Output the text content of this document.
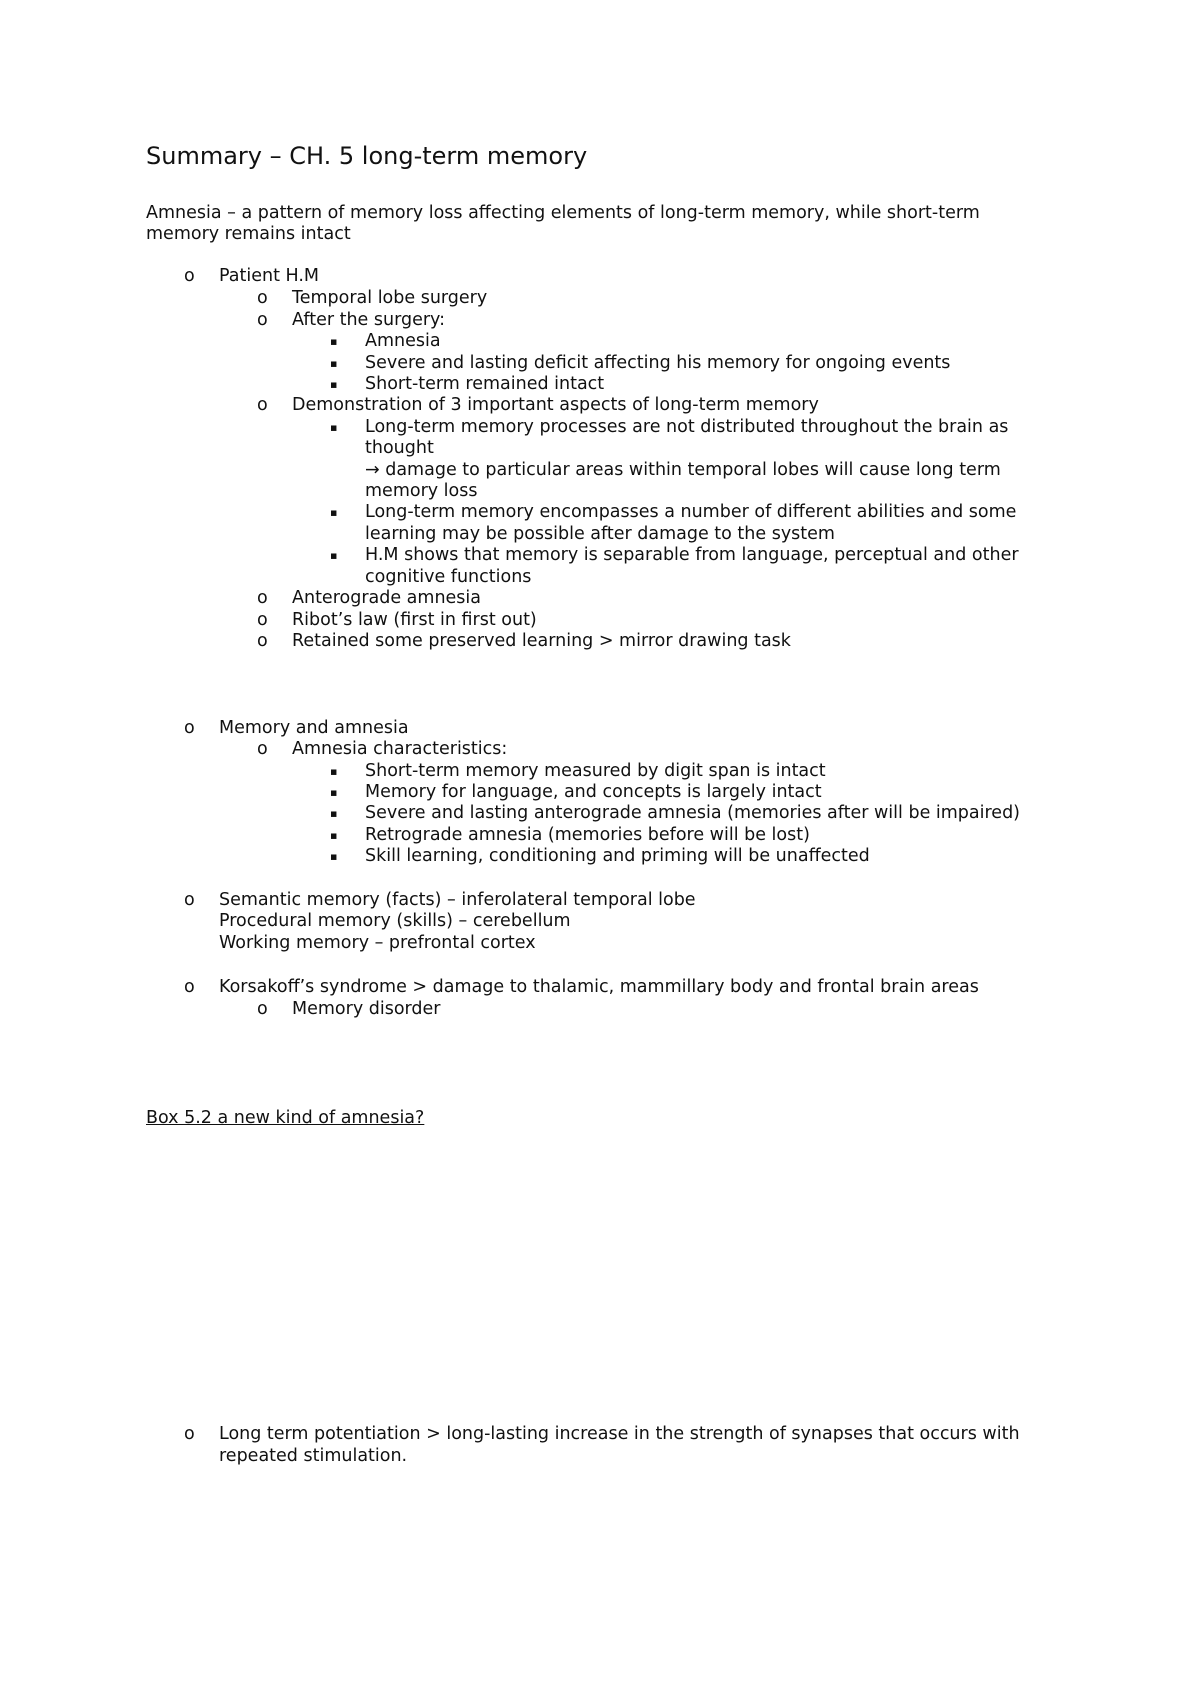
Summary – CH. 5 long-term memory

Amnesia – a pattern of memory loss affecting elements of long-term memory, while short-term memory remains intact

o Patient H.M
o Temporal lobe surgery
o After the surgery:
▪ Amnesia
▪ Severe and lasting deficit affecting his memory for ongoing events
▪ Short-term remained intact
o Demonstration of 3 important aspects of long-term memory
▪ Long-term memory processes are not distributed throughout the brain as
thought
→ damage to particular areas within temporal lobes will cause long term
memory loss
▪ Long-term memory encompasses a number of different abilities and some
learning may be possible after damage to the system
▪ H.M shows that memory is separable from language, perceptual and other
cognitive functions
o Anterograde amnesia
o Ribot’s law (first in first out)
o Retained some preserved learning > mirror drawing task
o Memory and amnesia
o Amnesia characteristics:
▪ Short-term memory measured by digit span is intact
▪ Memory for language, and concepts is largely intact
▪ Severe and lasting anterograde amnesia (memories after will be impaired)
▪ Retrograde amnesia (memories before will be lost)
▪ Skill learning, conditioning and priming will be unaffected
o Semantic memory (facts) – inferolateral temporal lobe
Procedural memory (skills) – cerebellum
Working memory – prefrontal cortex
o Korsakoff’s syndrome > damage to thalamic, mammillary body and frontal brain areas
o Memory disorder
Box 5.2 a new kind of amnesia?
o Long term potentiation > long-lasting increase in the strength of synapses that occurs with
repeated stimulation.
